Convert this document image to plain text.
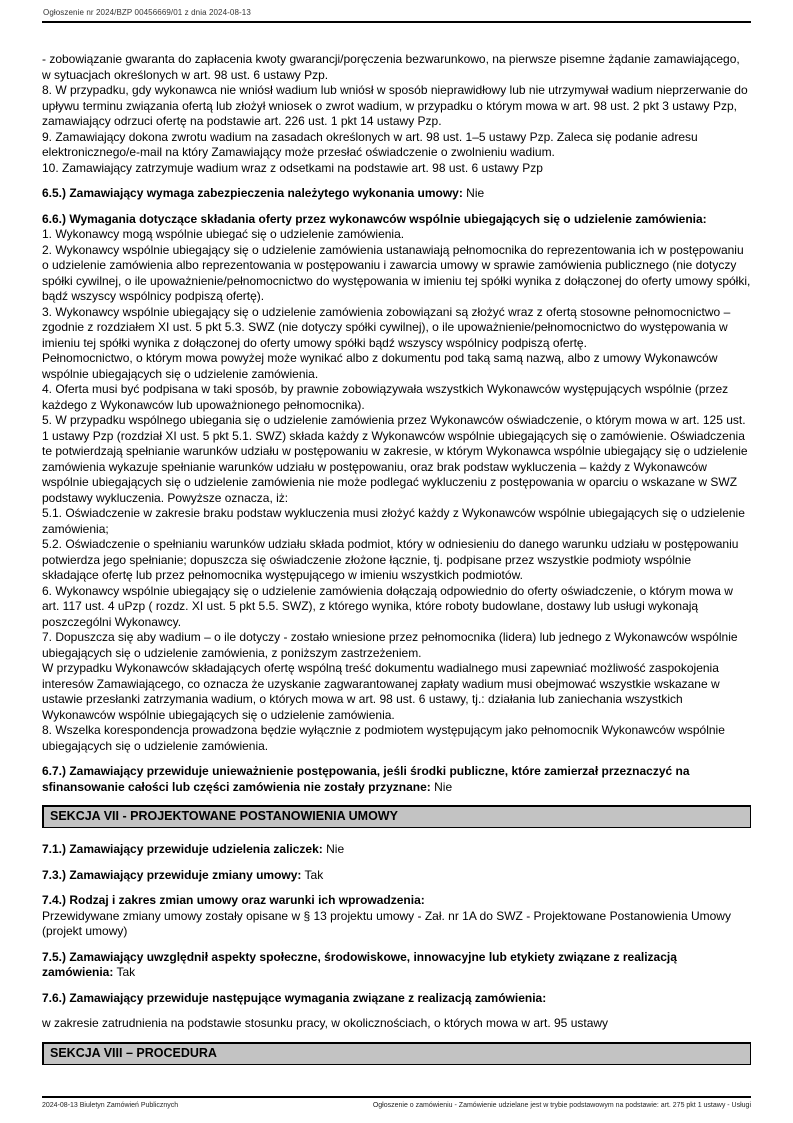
Ogłoszenie nr 2024/BZP 00456669/01 z dnia 2024-08-13
- zobowiązanie gwaranta do zapłacenia kwoty gwarancji/poręczenia bezwarunkowo, na pierwsze pisemne żądanie zamawiającego, w sytuacjach określonych w art. 98 ust. 6 ustawy Pzp.
8. W przypadku, gdy wykonawca nie wniósł wadium lub wniósł w sposób nieprawidłowy lub nie utrzymywał wadium nieprzerwanie do upływu terminu związania ofertą lub złożył wniosek o zwrot wadium, w przypadku o którym mowa w art. 98 ust. 2 pkt 3 ustawy Pzp, zamawiający odrzuci ofertę na podstawie art. 226 ust. 1 pkt 14 ustawy Pzp.
9. Zamawiający dokona zwrotu wadium na zasadach określonych w art. 98 ust. 1–5 ustawy Pzp. Zaleca się podanie adresu elektronicznego/e-mail na który Zamawiający może przesłać oświadczenie o zwolnieniu wadium.
10. Zamawiający zatrzymuje wadium wraz z odsetkami na podstawie art. 98 ust. 6 ustawy Pzp

6.5.) Zamawiający wymaga zabezpieczenia należytego wykonania umowy: Nie

6.6.) Wymagania dotyczące składania oferty przez wykonawców wspólnie ubiegających się o udzielenie zamówienia:
1. Wykonawcy mogą wspólnie ubiegać się o udzielenie zamówienia.
2. Wykonawcy wspólnie ubiegający się o udzielenie zamówienia ustanawiają pełnomocnika do reprezentowania ich w postępowaniu o udzielenie zamówienia albo reprezentowania w postępowaniu i zawarcia umowy w sprawie zamówienia publicznego (nie dotyczy spółki cywilnej, o ile upoważnienie/pełnomocnictwo do występowania w imieniu tej spółki wynika z dołączonej do oferty umowy spółki, bądź wszyscy wspólnicy podpiszą ofertę).
3. Wykonawcy wspólnie ubiegający się o udzielenie zamówienia zobowiązani są złożyć wraz z ofertą stosowne pełnomocnictwo – zgodnie z rozdziałem XI ust. 5 pkt 5.3. SWZ (nie dotyczy spółki cywilnej), o ile upoważnienie/pełnomocnictwo do występowania w imieniu tej spółki wynika z dołączonej do oferty umowy spółki bądź wszyscy wspólnicy podpiszą ofertę.
Pełnomocnictwo, o którym mowa powyżej może wynikać albo z dokumentu pod taką samą nazwą, albo z umowy Wykonawców wspólnie ubiegających się o udzielenie zamówienia.
4. Oferta musi być podpisana w taki sposób, by prawnie zobowiązywała wszystkich Wykonawców występujących wspólnie (przez każdego z Wykonawców lub upoważnionego pełnomocnika).
5. W przypadku wspólnego ubiegania się o udzielenie zamówienia przez Wykonawców oświadczenie, o którym mowa w art. 125 ust. 1 ustawy Pzp (rozdział XI ust. 5 pkt 5.1. SWZ) składa każdy z Wykonawców wspólnie ubiegających się o zamówienie. Oświadczenia te potwierdzają spełnianie warunków udziału w postępowaniu w zakresie, w którym Wykonawca wspólnie ubiegający się o udzielenie zamówienia wykazuje spełnianie warunków udziału w postępowaniu, oraz brak podstaw wykluczenia – każdy z Wykonawców wspólnie ubiegających się o udzielenie zamówienia nie może podlegać wykluczeniu z postępowania w oparciu o wskazane w SWZ podstawy wykluczenia. Powyższe oznacza, iż:
5.1. Oświadczenie w zakresie braku podstaw wykluczenia musi złożyć każdy z Wykonawców wspólnie ubiegających się o udzielenie zamówienia;
5.2. Oświadczenie o spełnianiu warunków udziału składa podmiot, który w odniesieniu do danego warunku udziału w postępowaniu potwierdza jego spełnianie; dopuszcza się oświadczenie złożone łącznie, tj. podpisane przez wszystkie podmioty wspólnie składające ofertę lub przez pełnomocnika występującego w imieniu wszystkich podmiotów.
6. Wykonawcy wspólnie ubiegający się o udzielenie zamówienia dołączają odpowiednio do oferty oświadczenie, o którym mowa w art. 117 ust. 4 uPzp ( rozdz. XI ust. 5 pkt 5.5. SWZ), z którego wynika, które roboty budowlane, dostawy lub usługi wykonają poszczególni Wykonawcy.
7. Dopuszcza się aby wadium – o ile dotyczy - zostało wniesione przez pełnomocnika (lidera) lub jednego z Wykonawców wspólnie ubiegających się o udzielenie zamówienia, z poniższym zastrzeżeniem.
W przypadku Wykonawców składających ofertę wspólną treść dokumentu wadialnego musi zapewniać możliwość zaspokojenia interesów Zamawiającego, co oznacza że uzyskanie zagwarantowanej zapłaty wadium musi obejmować wszystkie wskazane w ustawie przesłanki zatrzymania wadium, o których mowa w art. 98 ust. 6 ustawy, tj.: działania lub zaniechania wszystkich Wykonawców wspólnie ubiegających się o udzielenie zamówienia.
8. Wszelka korespondencja prowadzona będzie wyłącznie z podmiotem występującym jako pełnomocnik Wykonawców wspólnie ubiegających się o udzielenie zamówienia.

6.7.) Zamawiający przewiduje unieważnienie postępowania, jeśli środki publiczne, które zamierzał przeznaczyć na sfinansowanie całości lub części zamówienia nie zostały przyznane: Nie

SEKCJA VII - PROJEKTOWANE POSTANOWIENIA UMOWY

7.1.) Zamawiający przewiduje udzielenia zaliczek: Nie

7.3.) Zamawiający przewiduje zmiany umowy: Tak

7.4.) Rodzaj i zakres zmian umowy oraz warunki ich wprowadzenia:
Przewidywane zmiany umowy zostały opisane w § 13 projektu umowy - Zał. nr 1A do SWZ - Projektowane Postanowienia Umowy (projekt umowy)

7.5.) Zamawiający uwzględnił aspekty społeczne, środowiskowe, innowacyjne lub etykiety związane z realizacją zamówienia: Tak

7.6.) Zamawiający przewiduje następujące wymagania związane z realizacją zamówienia:

w zakresie zatrudnienia na podstawie stosunku pracy, w okolicznościach, o których mowa w art. 95 ustawy

SEKCJA VIII – PROCEDURA
2024-08-13 Biuletyn Zamówień Publicznych	Ogłoszenie o zamówieniu - Zamówienie udzielane jest w trybie podstawowym na podstawie: art. 275 pkt 1 ustawy - Usługi
